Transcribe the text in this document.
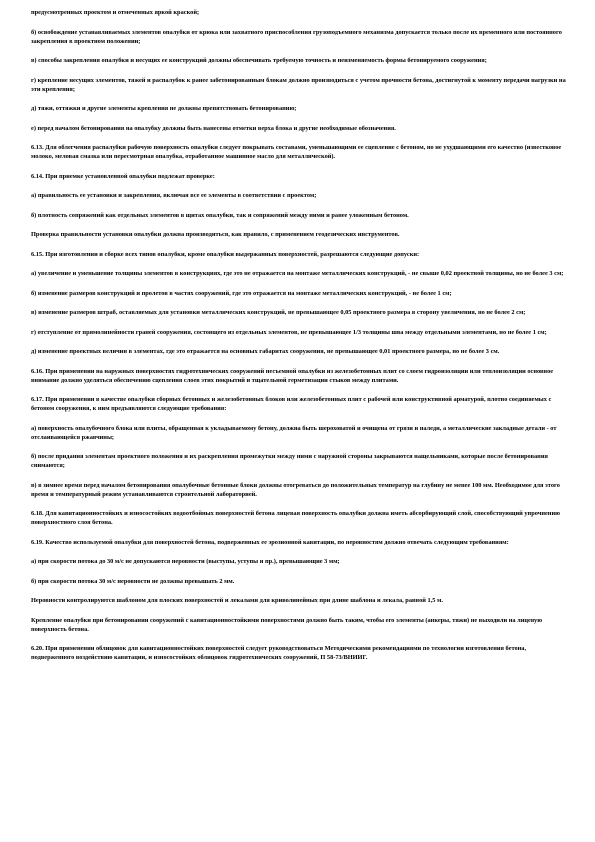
предусмотренных проектом и отмеченных яркой краской;
б) освобождение устанавливаемых элементов опалубки от крюка или захватного приспособления грузоподъемного механизма допускается только после их временного или постоянного закрепления в проектном положении;
в) способы закрепления опалубки и несущих ее конструкций должны обеспечивать требуемую точность и неизменяемость формы бетонируемого сооружения;
г) крепление несущих элементов, тяжей и распалубок к ранее забетонированным блокам должно производиться с учетом прочности бетона, достигнутой к моменту передачи нагрузки на эти крепления;
д) тяжи, оттяжки и другие элементы крепления не должны препятствовать бетонированию;
е) перед началом бетонирования на опалубку должны быть нанесены отметки верха блока и другие необходимые обозначения.
6.13. Для облегчения распалубки рабочую поверхность опалубки следует покрывать составами, уменьшающими ее сцепление с бетоном, но не ухудшающими его качество (известковое молоко, меловая смазка или пересмотрная опалубка, отработанное машинное масло для металлической).
6.14. При приемке установленной опалубки подлежат проверке:
а) правильность ее установки и закрепления, включая все ее элементы в соответствии с проектом;
б) плотность сопряжений как отдельных элементов в щитах опалубки, так и сопряжений между ними и ранее уложенным бетоном.
Проверка правильности установки опалубки должна производиться, как правило, с применением геодезических инструментов.
6.15. При изготовлении и сборке всех типов опалубки, кроме опалубки выдержанных поверхностей, разрешаются следующие допуски:
а) увеличение и уменьшение толщины элементов в конструкциях, где это не отражается на монтаже металлических конструкций, - не свыше 0,02 проектной толщины, но не более 3 см;
б) изменение размеров конструкций и пролетов в частях сооружений, где это отражается на монтаже металлических конструкций, - не более 1 см;
в) изменение размеров штраб, оставляемых для установки металлических конструкций, не превышающее 0,05 проектного размера в сторону увеличения, но не более 2 см;
г) отступление от прямолинейности граней сооружения, состоящего из отдельных элементов, не превышающее 1/3 толщины шва между отдельными элементами, но не более 1 см;
д) изменение проектных величин в элементах, где это отражается на основных габаритах сооружения, не превышающее 0,01 проектного размера, но не более 3 см.
6.16. При применении на наружных поверхностях гидротехнических сооружений несъемной опалубки из железобетонных плит со слоем гидроизоляции или теплоизоляции основное внимание должно уделяться обеспечению сцепления слоев этих покрытий и тщательной герметизации стыков между плитами.
6.17. При применении в качестве опалубки сборных бетонных и железобетонных блоков или железобетонных плит с рабочей или конструктивной арматурой, плотно соединяемых с бетоном сооружения, к ним предъявляются следующие требования:
а) поверхность опалубочного блока или плиты, обращенная к укладываемому бетону, должна быть шероховатой и очищена от грязи и наледи, а металлические закладные детали - от отслаивающейся ржавчины;
б) после придания элементам проектного положения и их раскрепления промежутки между ними с наружной стороны закрываются нащельниками, которые после бетонирования снимаются;
в) в зимнее время перед началом бетонирования опалубочные бетонные блоки должны отогреваться до положительных температур на глубину не менее 100 мм. Необходимое для этого время и температурный режим устанавливаются строительной лабораторией.
6.18. Для кавитационностойких и износостойких водоотбойных поверхностей бетона лицевая поверхность опалубки должна иметь абсорбирующий слой, способствующий упрочнению поверхностного слоя бетона.
6.19. Качество используемой опалубки для поверхностей бетона, подверженных ее эрозионной кавитации, по неровностям должно отвечать следующим требованиям:
а) при скорости потока до 30 м/с не допускаются неровности (выступы, уступы и пр.), превышающие 3 мм;
б) при скорости потока 30 м/с неровности не должны превышать 2 мм.
Неровности контролируются шаблоном для плоских поверхностей и лекалами для криволинейных при длине шаблона и лекала, равной 1,5 м.
Крепление опалубки при бетонировании сооружений с кавитационностойкими поверхностями должно быть таким, чтобы его элементы (анкеры, тяжи) не выходили на лицевую поверхность бетона.
6.20. При применении облицовок для кавитационностойких поверхностей следует руководствоваться Методическими рекомендациями по технологии изготовления бетона, подверженного воздействию кавитации, и износостойких облицовок гидротехнических сооружений, П 58-73/ВНИИГ.
